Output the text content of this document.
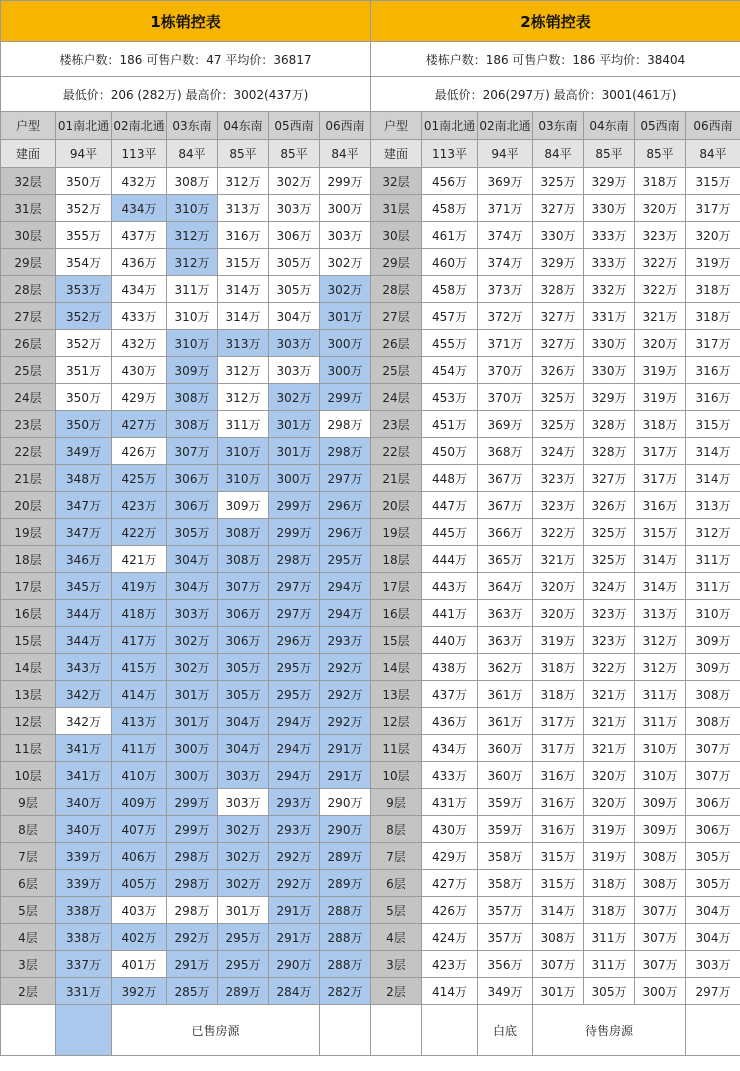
1栋销控表						
楼栋户数：186 可售户数：47 平均价：36817						
最低价：206 (282万) 最高价：3002(437万)						
户型	01南北通	02南北通	03东南	04东南	05西南	06西南
建面	94平	113平	84平	85平	85平	84平
32层	350万	432万	308万	312万	302万	299万
31层	352万	434万	310万	313万	303万	300万
30层	355万	437万	312万	316万	306万	303万
29层	354万	436万	312万	315万	305万	302万
28层	353万	434万	311万	314万	305万	302万
27层	352万	433万	310万	314万	304万	301万
26层	352万	432万	310万	313万	303万	300万
25层	351万	430万	309万	312万	303万	300万
24层	350万	429万	308万	312万	302万	299万
23层	350万	427万	308万	311万	301万	298万
22层	349万	426万	307万	310万	301万	298万
21层	348万	425万	306万	310万	300万	297万
20层	347万	423万	306万	309万	299万	296万
19层	347万	422万	305万	308万	299万	296万
18层	346万	421万	304万	308万	298万	295万
17层	345万	419万	304万	307万	297万	294万
16层	344万	418万	303万	306万	297万	294万
15层	344万	417万	302万	306万	296万	293万
14层	343万	415万	302万	305万	295万	292万
13层	342万	414万	301万	305万	295万	292万
12层	342万	413万	301万	304万	294万	292万
11层	341万	411万	300万	304万	294万	291万
10层	341万	410万	300万	303万	294万	291万
9层	340万	409万	299万	303万	293万	290万
8层	340万	407万	299万	302万	293万	290万
7层	339万	406万	298万	302万	292万	289万
6层	339万	405万	298万	302万	292万	289万
5层	338万	403万	298万	301万	291万	288万
4层	338万	402万	292万	295万	291万	288万
3层	337万	401万	291万	295万	290万	288万
2层	331万	392万	285万	289万	284万	282万
		已售房源				
2栋销控表						
楼栋户数：186 可售户数：186 平均价：38404						
最低价：206(297万) 最高价：3001(461万)						
户型	01南北通	02南北通	03东南	04东南	05西南	06西南
建面	113平	94平	84平	85平	85平	84平
32层	456万	369万	325万	329万	318万	315万
31层	458万	371万	327万	330万	320万	317万
30层	461万	374万	330万	333万	323万	320万
29层	460万	374万	329万	333万	322万	319万
28层	458万	373万	328万	332万	322万	318万
27层	457万	372万	327万	331万	321万	318万
26层	455万	371万	327万	330万	320万	317万
25层	454万	370万	326万	330万	319万	316万
24层	453万	370万	325万	329万	319万	316万
23层	451万	369万	325万	328万	318万	315万
22层	450万	368万	324万	328万	317万	314万
21层	448万	367万	323万	327万	317万	314万
20层	447万	367万	323万	326万	316万	313万
19层	445万	366万	322万	325万	315万	312万
18层	444万	365万	321万	325万	314万	311万
17层	443万	364万	320万	324万	314万	311万
16层	441万	363万	320万	323万	313万	310万
15层	440万	363万	319万	323万	312万	309万
14层	438万	362万	318万	322万	312万	309万
13层	437万	361万	318万	321万	311万	308万
12层	436万	361万	317万	321万	311万	308万
11层	434万	360万	317万	321万	310万	307万
10层	433万	360万	316万	320万	310万	307万
9层	431万	359万	316万	320万	309万	306万
8层	430万	359万	316万	319万	309万	306万
7层	429万	358万	315万	319万	308万	305万
6层	427万	358万	315万	318万	308万	305万
5层	426万	357万	314万	318万	307万	304万
4层	424万	357万	308万	311万	307万	304万
3层	423万	356万	307万	311万	307万	303万
2层	414万	349万	301万	305万	300万	297万
		白底	待售房源			
